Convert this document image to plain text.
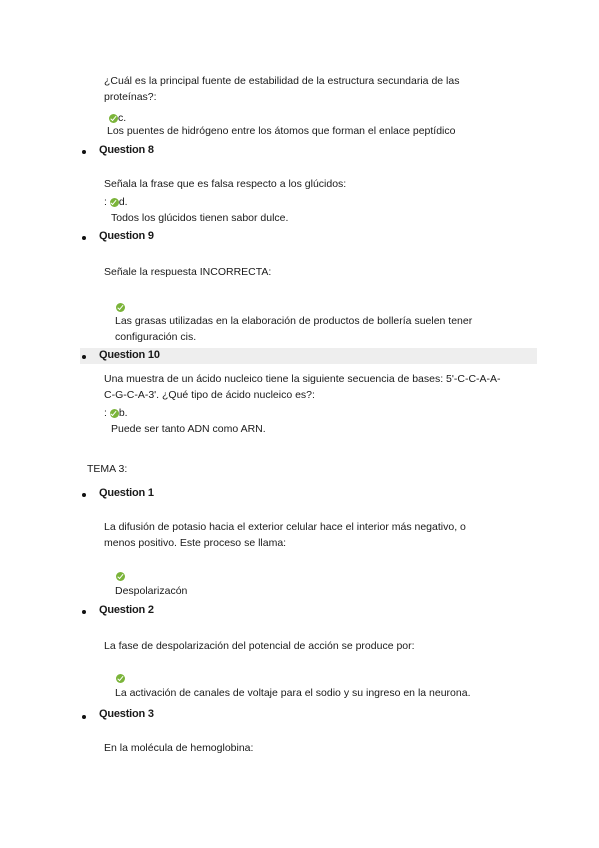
¿Cuál es la principal fuente de estabilidad de la estructura secundaria de las
proteínas?:
c.
Los puentes de hidrógeno entre los átomos que forman el enlace peptídico
Question 8
Señala la frase que es falsa respecto a los glúcidos:
: d.
Todos los glúcidos tienen sabor dulce.
Question 9
Señale la respuesta INCORRECTA:
Las grasas utilizadas en la elaboración de productos de bollería suelen tener
configuración cis.
Question 10
Una muestra de un ácido nucleico tiene la siguiente secuencia de bases: 5'-C-C-A-A-
C-G-C-A-3'. ¿Qué tipo de ácido nucleico es?:
: b.
Puede ser tanto ADN como ARN.
TEMA 3:
Question 1
La difusión de potasio hacia el exterior celular hace el interior más negativo, o
menos positivo. Este proceso se llama:
Despolarizacón
Question 2
La fase de despolarización del potencial de acción se produce por:
La activación de canales de voltaje para el sodio y su ingreso en la neurona.
Question 3
En la molécula de hemoglobina:
